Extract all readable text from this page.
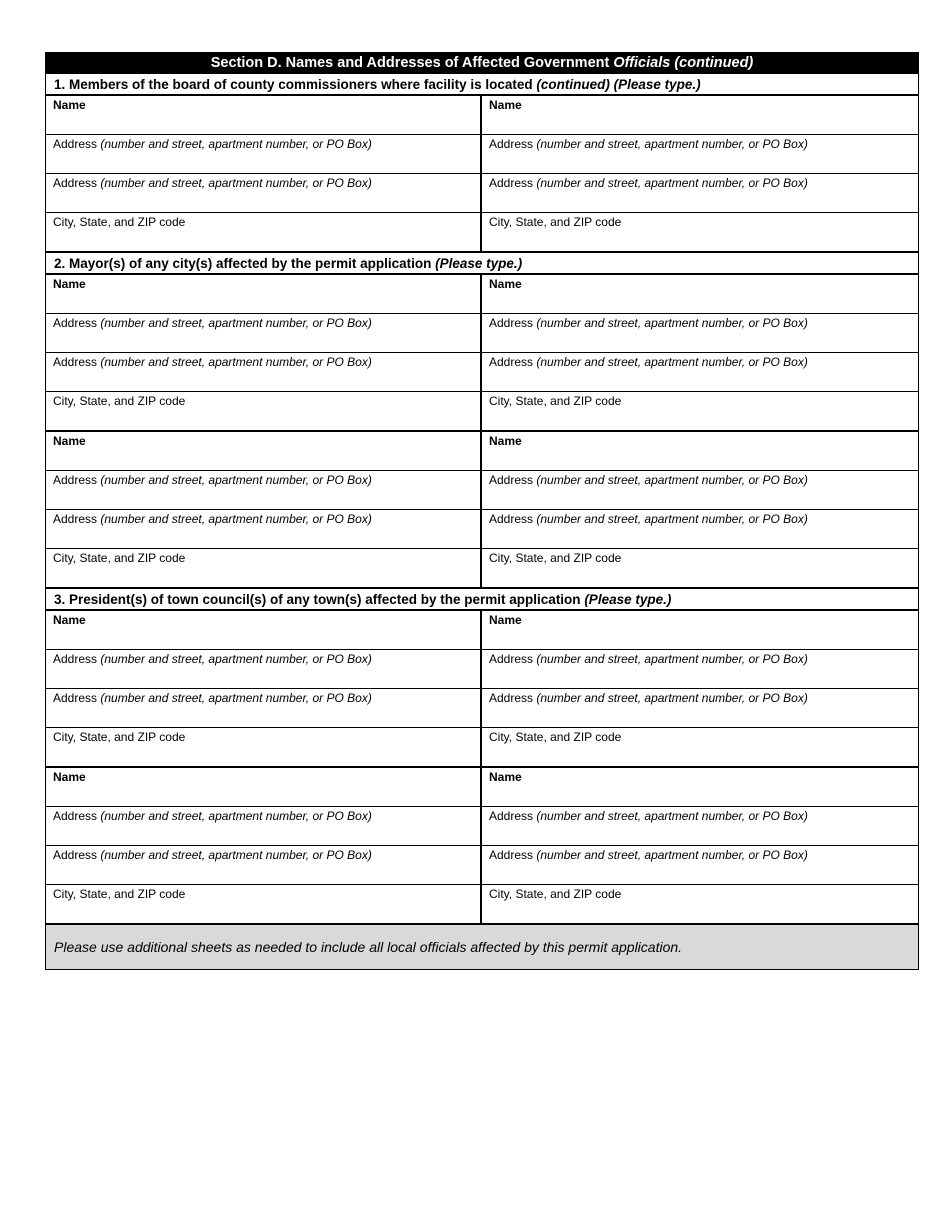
Section D. Names and Addresses of Affected Government Officials (continued)
1. Members of the board of county commissioners where facility is located (continued) (Please type.)
Name
Address (number and street, apartment number, or PO Box)
Address (number and street, apartment number, or PO Box)
City, State, and ZIP code
Name
Address (number and street, apartment number, or PO Box)
Address (number and street, apartment number, or PO Box)
City, State, and ZIP code
2. Mayor(s) of any city(s) affected by the permit application (Please type.)
Name
Address (number and street, apartment number, or PO Box)
Address (number and street, apartment number, or PO Box)
City, State, and ZIP code
Name
Address (number and street, apartment number, or PO Box)
Address (number and street, apartment number, or PO Box)
City, State, and ZIP code
Name
Address (number and street, apartment number, or PO Box)
Address (number and street, apartment number, or PO Box)
City, State, and ZIP code
Name
Address (number and street, apartment number, or PO Box)
Address (number and street, apartment number, or PO Box)
City, State, and ZIP code
3. President(s) of town council(s) of any town(s) affected by the permit application (Please type.)
Name
Address (number and street, apartment number, or PO Box)
Address (number and street, apartment number, or PO Box)
City, State, and ZIP code
Name
Address (number and street, apartment number, or PO Box)
Address (number and street, apartment number, or PO Box)
City, State, and ZIP code
Name
Address (number and street, apartment number, or PO Box)
Address (number and street, apartment number, or PO Box)
City, State, and ZIP code
Name
Address (number and street, apartment number, or PO Box)
Address (number and street, apartment number, or PO Box)
City, State, and ZIP code
Please use additional sheets as needed to include all local officials affected by this permit application.
